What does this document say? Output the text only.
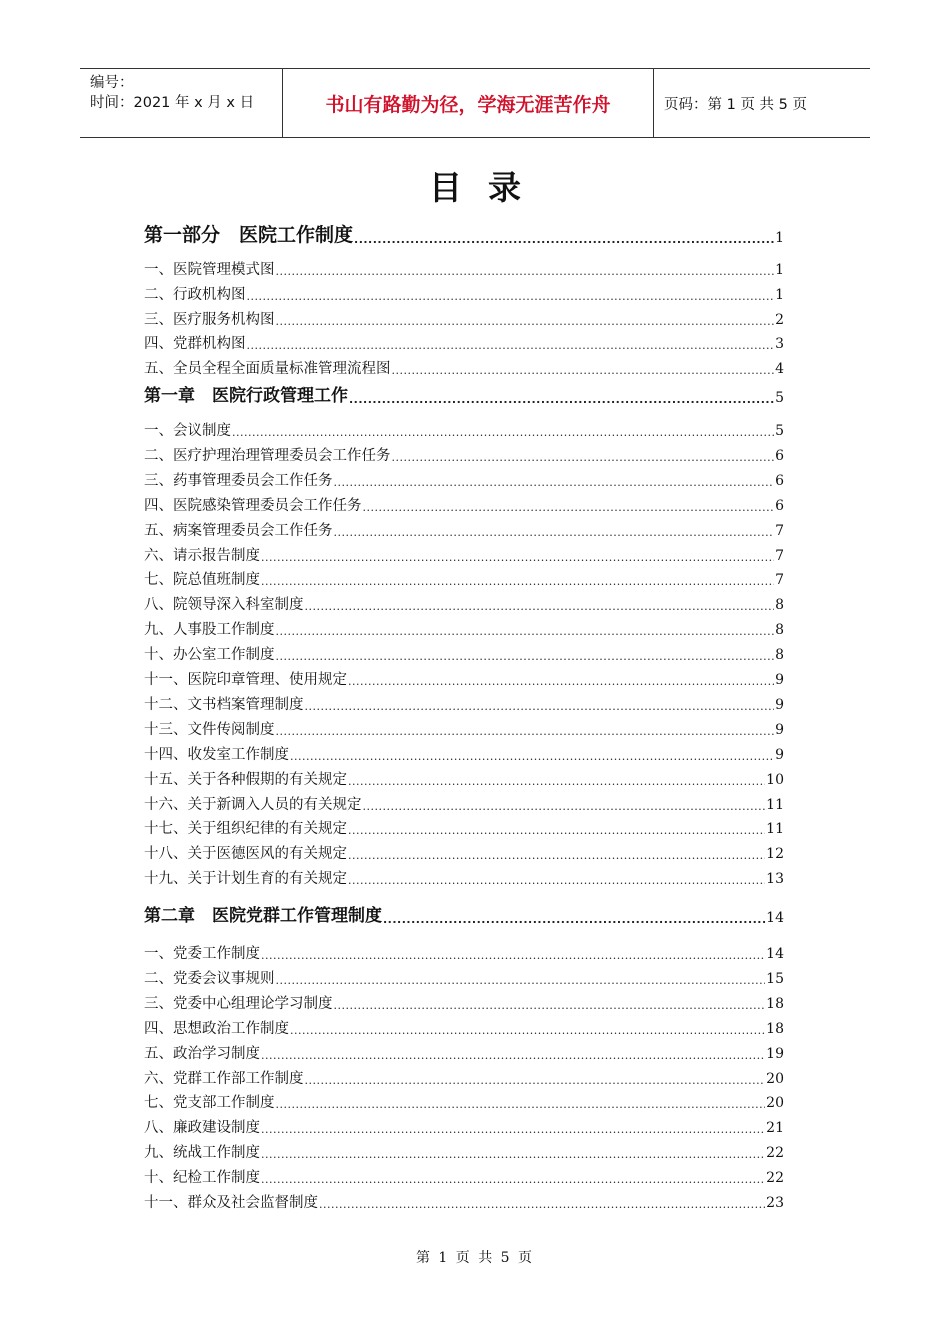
编号：
时间：2021 年 x 月 x 日	书山有路勤为径，学海无涯苦作舟	页码：第 1 页 共 5 页
目录
第一部分　医院工作制度 .....	1
一、医院管理模式图 .....	1
二、行政机构图 .....	1
三、医疗服务机构图 .....	2
四、党群机构图 .....	3
五、全员全程全面质量标准管理流程图 .....	4
第一章　医院行政管理工作 .....	5
一、会议制度 .....	5
二、医疗护理治理管理委员会工作任务 .....	6
三、药事管理委员会工作任务 .....	6
四、医院感染管理委员会工作任务 .....	6
五、病案管理委员会工作任务 .....	7
六、请示报告制度 .....	7
七、院总值班制度 .....	7
八、院领导深入科室制度 .....	8
九、人事股工作制度 .....	8
十、办公室工作制度 .....	8
十一、医院印章管理、使用规定 .....	9
十二、文书档案管理制度 .....	9
十三、文件传阅制度 .....	9
十四、收发室工作制度 .....	9
十五、关于各种假期的有关规定 .....	10
十六、关于新调入人员的有关规定 .....	11
十七、关于组织纪律的有关规定 .....	11
十八、关于医德医风的有关规定 .....	12
十九、关于计划生育的有关规定 .....	13
第二章　医院党群工作管理制度 .....	14
一、党委工作制度 .....	14
二、党委会议事规则 .....	15
三、党委中心组理论学习制度 .....	18
四、思想政治工作制度 .....	18
五、政治学习制度 .....	19
六、党群工作部工作制度 .....	20
七、党支部工作制度 .....	20
八、廉政建设制度 .....	21
九、统战工作制度 .....	22
十、纪检工作制度 .....	22
十一、群众及社会监督制度 .....	23
第 1 页 共 5 页
